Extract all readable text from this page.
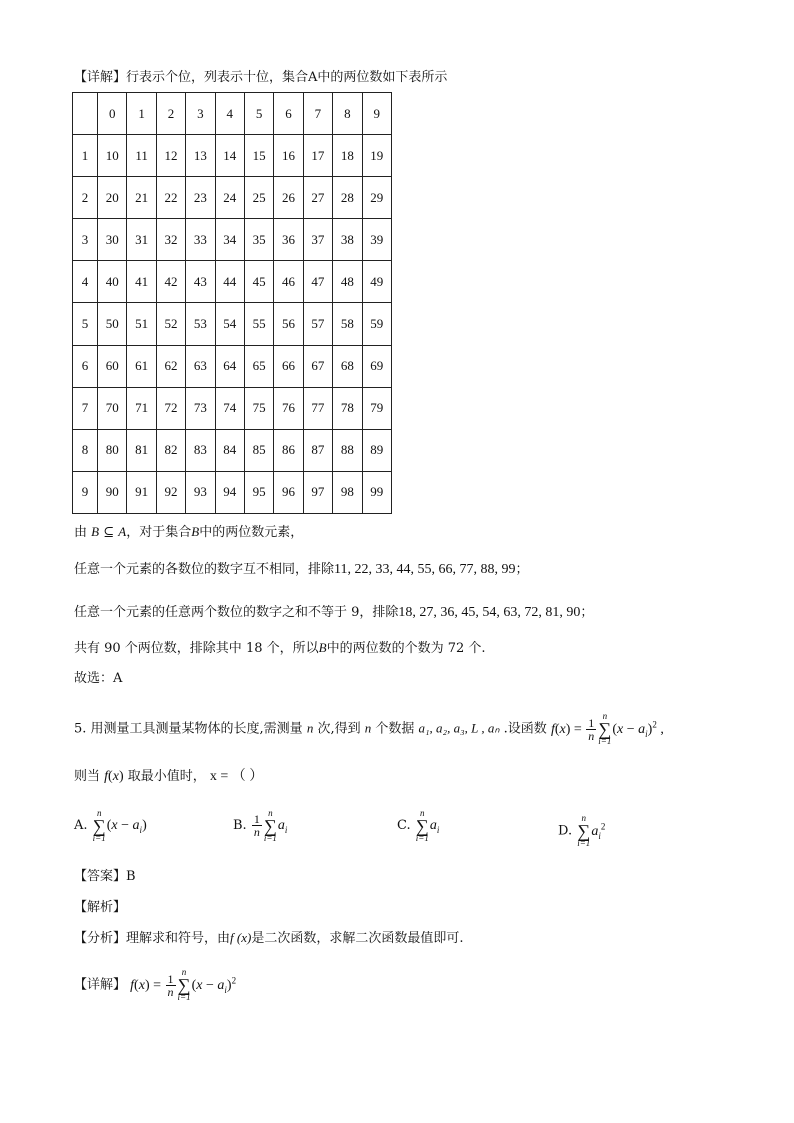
【详解】行表示个位，列表示十位，集合A中的两位数如下表所示
	0	1	2	3	4	5	6	7	8	9
1	10	11	12	13	14	15	16	17	18	19
2	20	21	22	23	24	25	26	27	28	29
3	30	31	32	33	34	35	36	37	38	39
4	40	41	42	43	44	45	46	47	48	49
5	50	51	52	53	54	55	56	57	58	59
6	60	61	62	63	64	65	66	67	68	69
7	70	71	72	73	74	75	76	77	78	79
8	80	81	82	83	84	85	86	87	88	89
9	90	91	92	93	94	95	96	97	98	99
由 B ⊆ A，对于集合B中的两位数元素，
任意一个元素的各数位的数字互不相同，排除11, 22, 33, 44, 55, 66, 77, 88, 99；
任意一个元素的任意两个数位的数字之和不等于 9，排除18, 27, 36, 45, 54, 63, 72, 81, 90；
共有 90 个两位数，排除其中 18 个，所以B中的两位数的个数为 72 个.
故选：A
5. 用测量工具测量某物体的长度,需测量 n 次,得到 n 个数据 a₁, a₂, a₃, L , aₙ .设函数 $f(x) = \frac{1}{n}$
n
∑
i=1
$(x - a_i)^2$ ,
则当 f(x) 取最小值时， x = （ ）
A.
n
∑
i=1
$(x - a_i)$	B. $\frac{1}{n}$
n
∑
i=1
$a_i$	C.
n
∑
i=1
$a_i$	D.
n
∑
i=1
$a_i^2$
【答案】B
【解析】
【分析】理解求和符号，由f (x)是二次函数，求解二次函数最值即可.
【详解】 $f(x) = \frac{1}{n}$
n
∑
i=1
$(x - a_i)^2$
